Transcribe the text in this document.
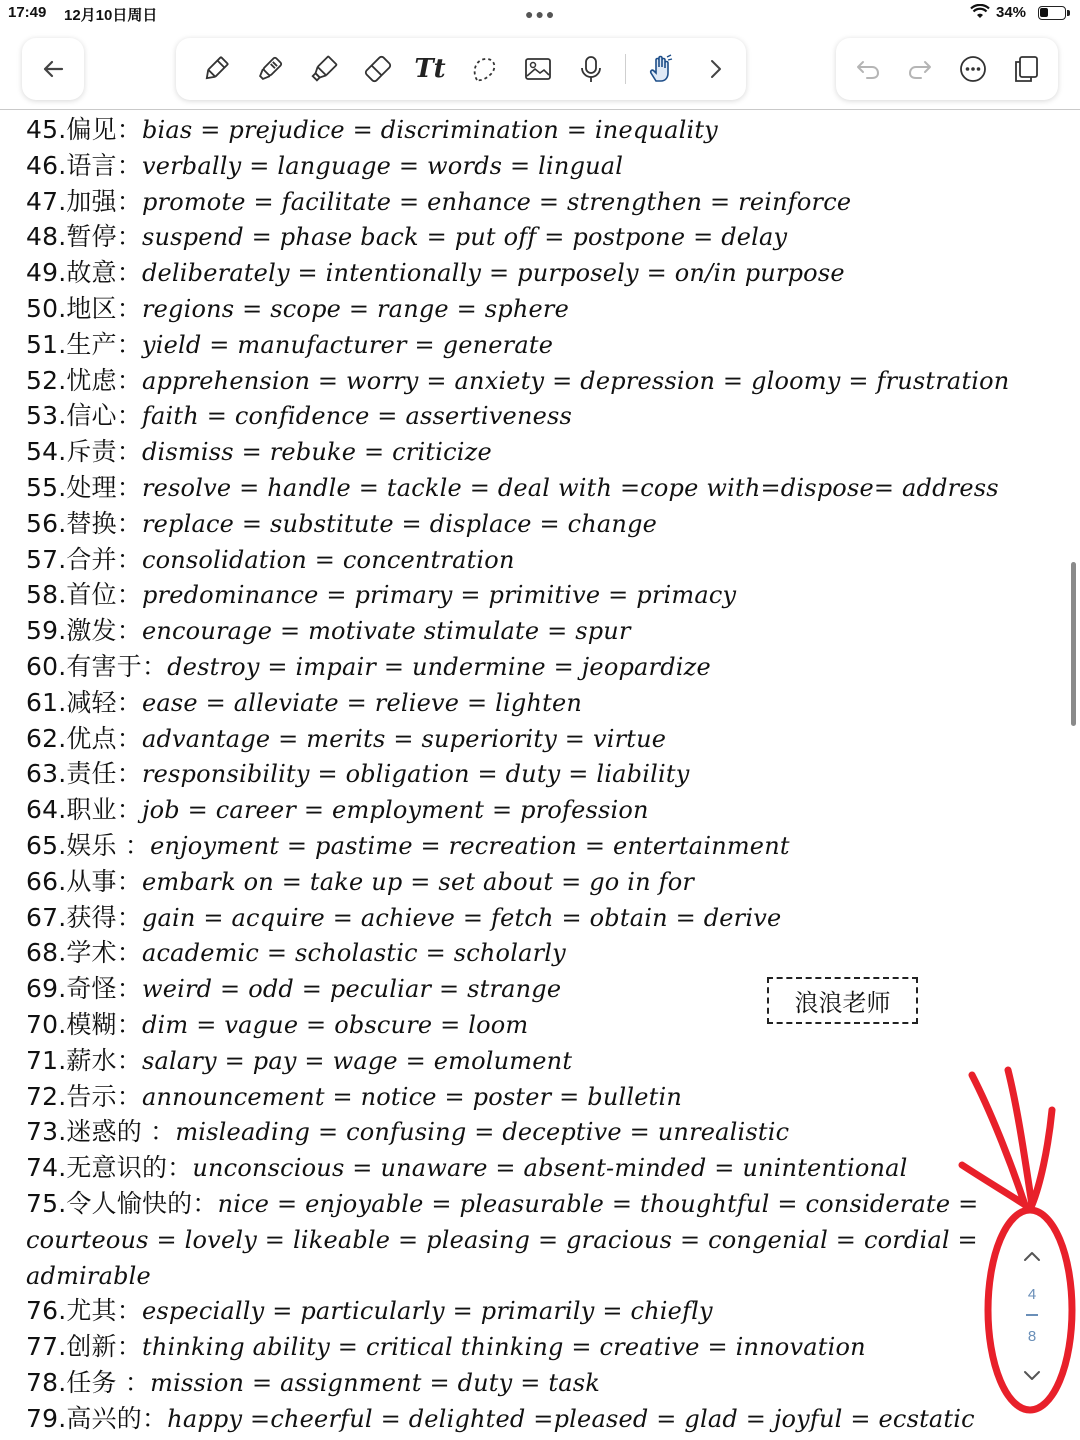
17:49 12月10日周日	●●●	34%
Tt
45.偏见：bias = prejudice = discrimination = inequality
46.语言：verbally = language = words = lingual
47.加强：promote = facilitate = enhance = strengthen = reinforce
48.暂停：suspend = phase back = put off = postpone = delay
49.故意：deliberately = intentionally = purposely = on/in purpose
50.地区：regions = scope = range = sphere
51.生产：yield = manufacturer = generate
52.忧虑：apprehension = worry = anxiety = depression = gloomy = frustration
53.信心：faith = confidence = assertiveness
54.斥责：dismiss = rebuke = criticize
55.处理：resolve = handle = tackle = deal with =cope with=dispose= address
56.替换：replace = substitute = displace = change
57.合并：consolidation = concentration
58.首位：predominance = primary = primitive = primacy
59.激发：encourage = motivate stimulate = spur
60.有害于：destroy = impair = undermine = jeopardize
61.减轻：ease = alleviate = relieve = lighten
62.优点：advantage = merits = superiority = virtue
63.责任：responsibility = obligation = duty = liability
64.职业：job = career = employment = profession
65.娱乐 ：enjoyment = pastime = recreation = entertainment
66.从事：embark on = take up = set about = go in for
67.获得：gain = acquire = achieve = fetch = obtain = derive
68.学术：academic = scholastic = scholarly
69.奇怪：weird = odd = peculiar = strange
70.模糊：dim = vague = obscure = loom
71.薪水：salary = pay = wage = emolument
72.告示：announcement = notice = poster = bulletin
73.迷惑的 ：misleading = confusing = deceptive = unrealistic
74.无意识的：unconscious = unaware = absent-minded = unintentional
75.令人愉快的：nice = enjoyable = pleasurable = thoughtful = considerate =
courteous = lovely = likeable = pleasing = gracious = congenial = cordial =
admirable
76.尤其：especially = particularly = primarily = chiefly
77.创新：thinking ability = critical thinking = creative = innovation
78.任务 ：mission = assignment = duty = task
79.高兴的：happy =cheerful = delighted =pleased = glad = joyful = ecstatic
浪浪老师
4
8
